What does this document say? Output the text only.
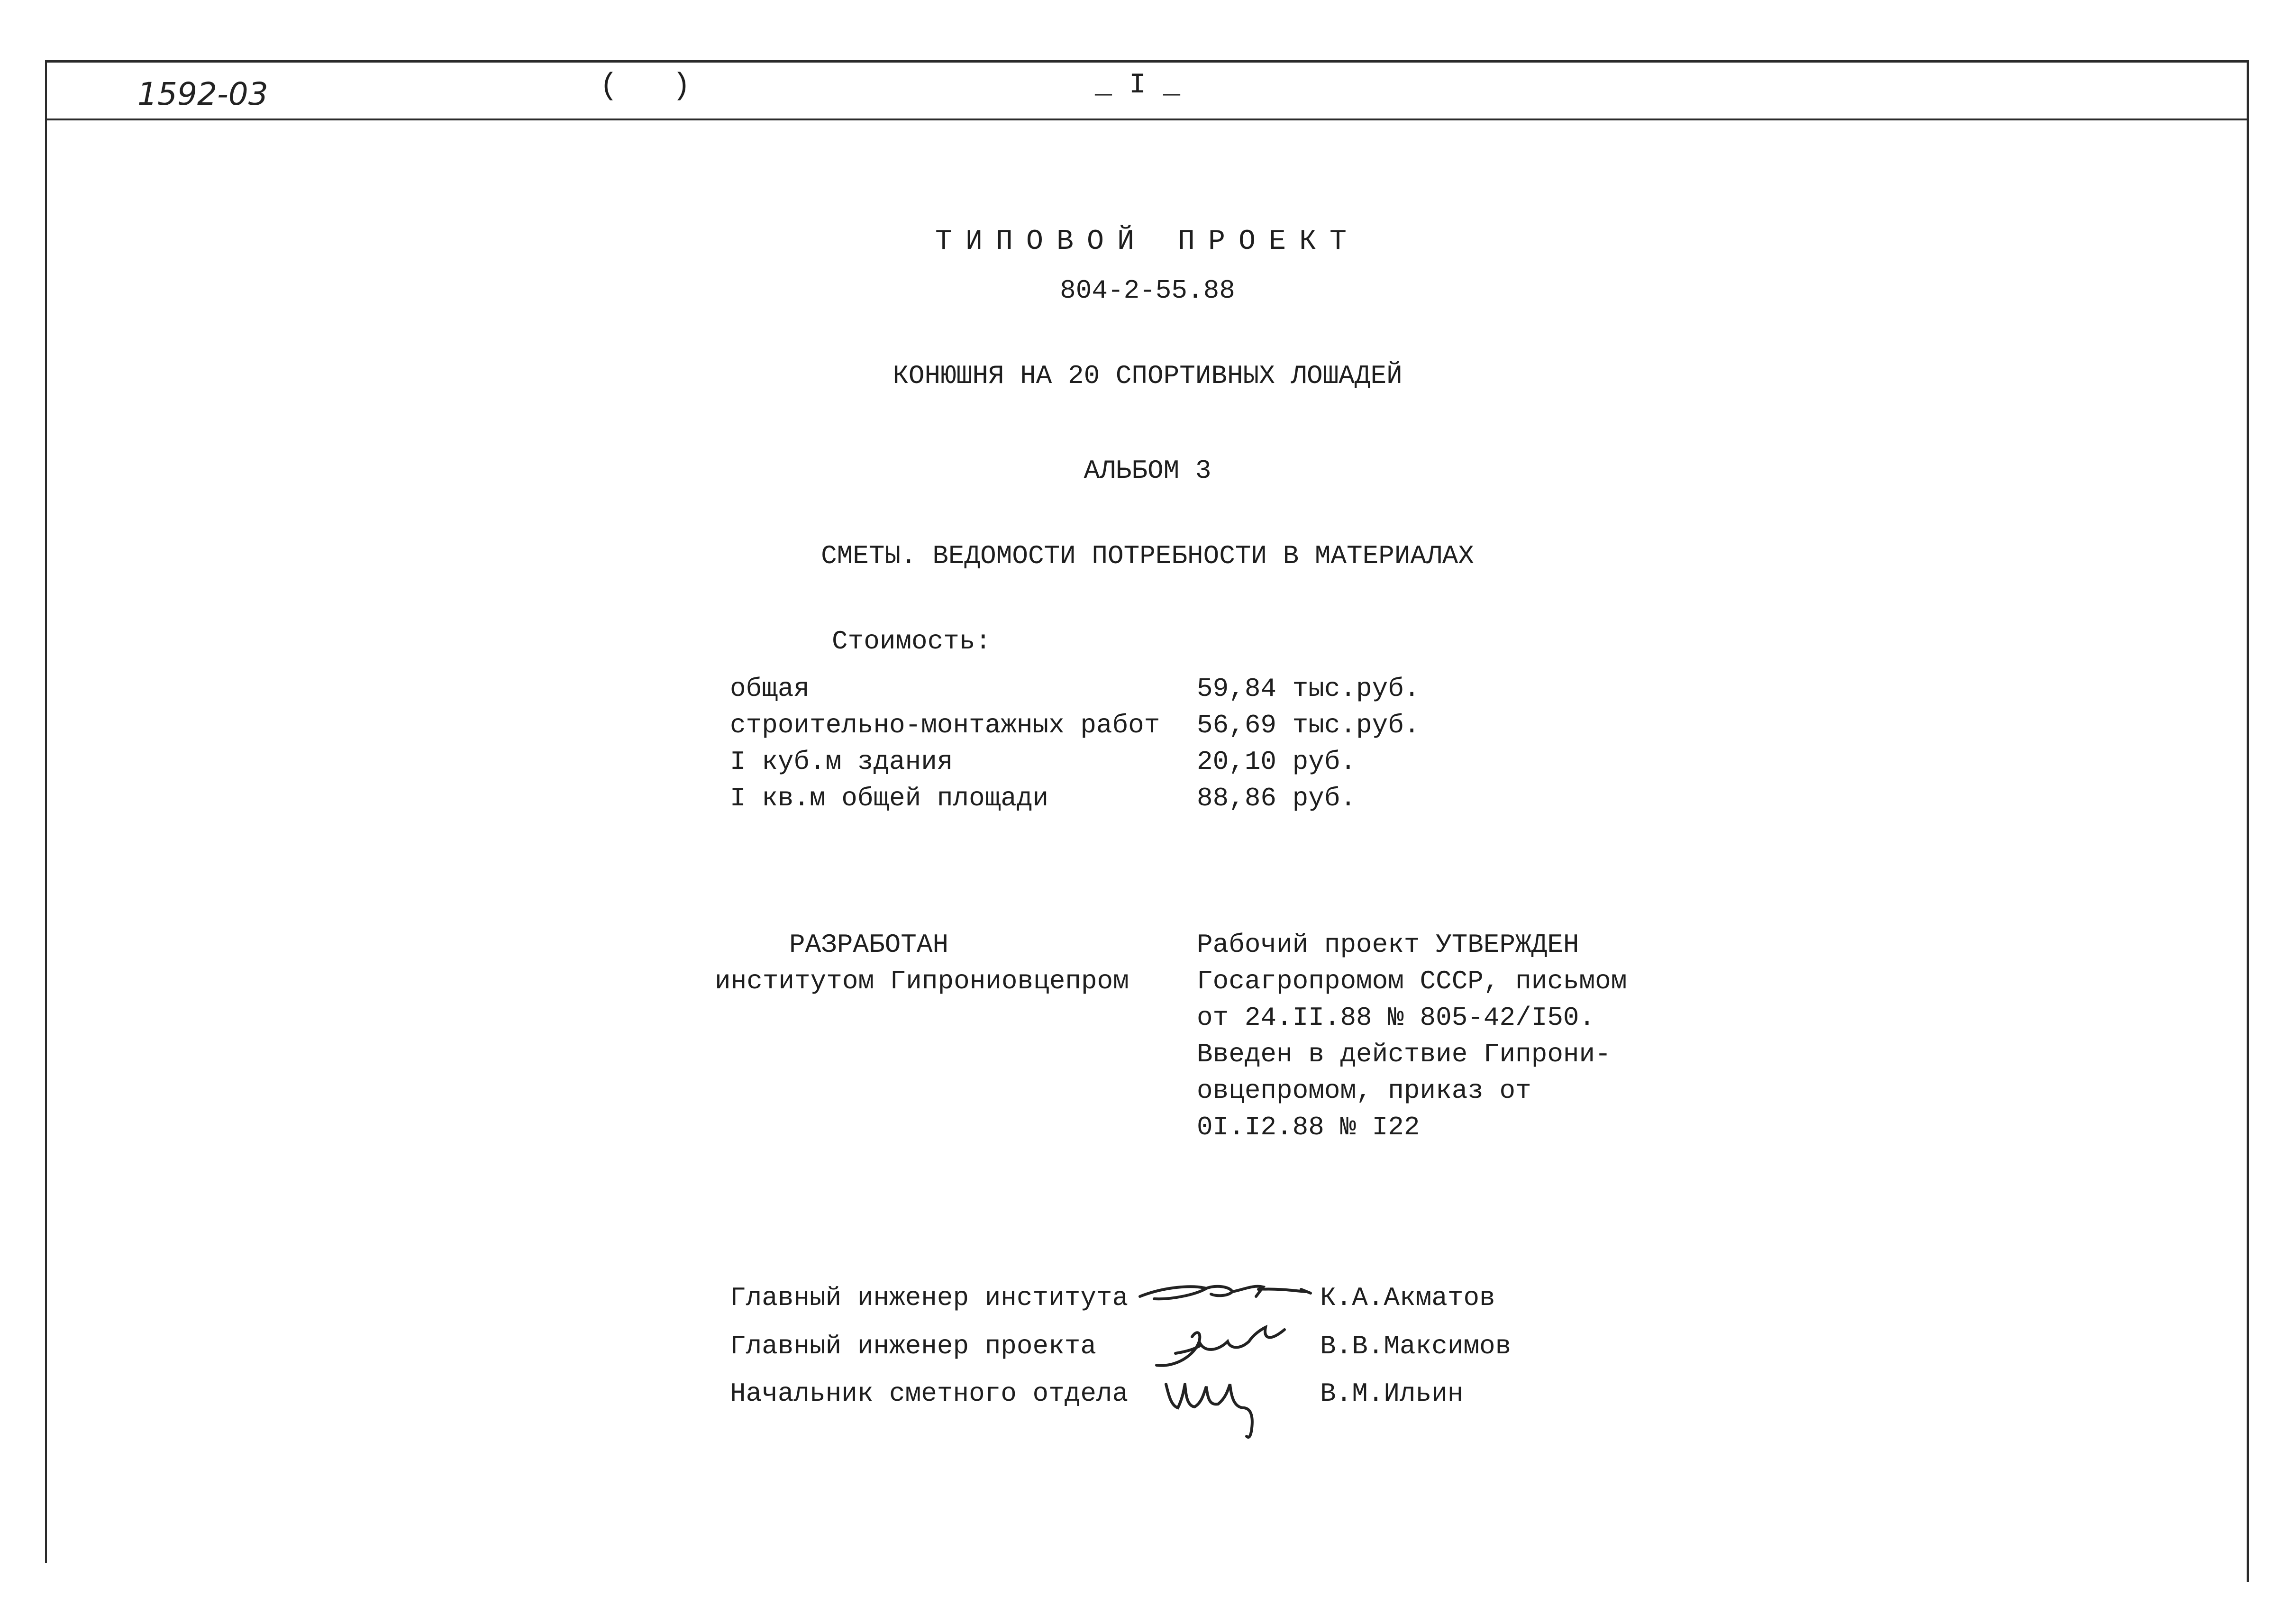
1592-03	(   )	_ I _
ТИПОВОЙ ПРОЕКТ
804-2-55.88
КОНЮШНЯ НА 20 СПОРТИВНЫХ ЛОШАДЕЙ
АЛЬБОМ 3
СМЕТЫ. ВЕДОМОСТИ ПОТРЕБНОСТИ В МАТЕРИАЛАХ
Стоимость:
общая	59,84 тыс.руб.
строительно-монтажных работ 56,69 тыс.руб.
I куб.м здания	20,10 руб.
I кв.м общей площади	88,86 руб.
РАЗРАБОТАН
институтом Гипрониовцепром
Рабочий проект УТВЕРЖДЕН
Госагропромом СССР, письмом
от 24.II.88 № 805-42/I50.
Введен в действие Гипрони-
овцепромом, приказ от
0I.I2.88 № I22
Главный инженер института	К.А.Акматов
Главный инженер проекта	В.В.Максимов
Начальник сметного отдела	В.М.Ильин
